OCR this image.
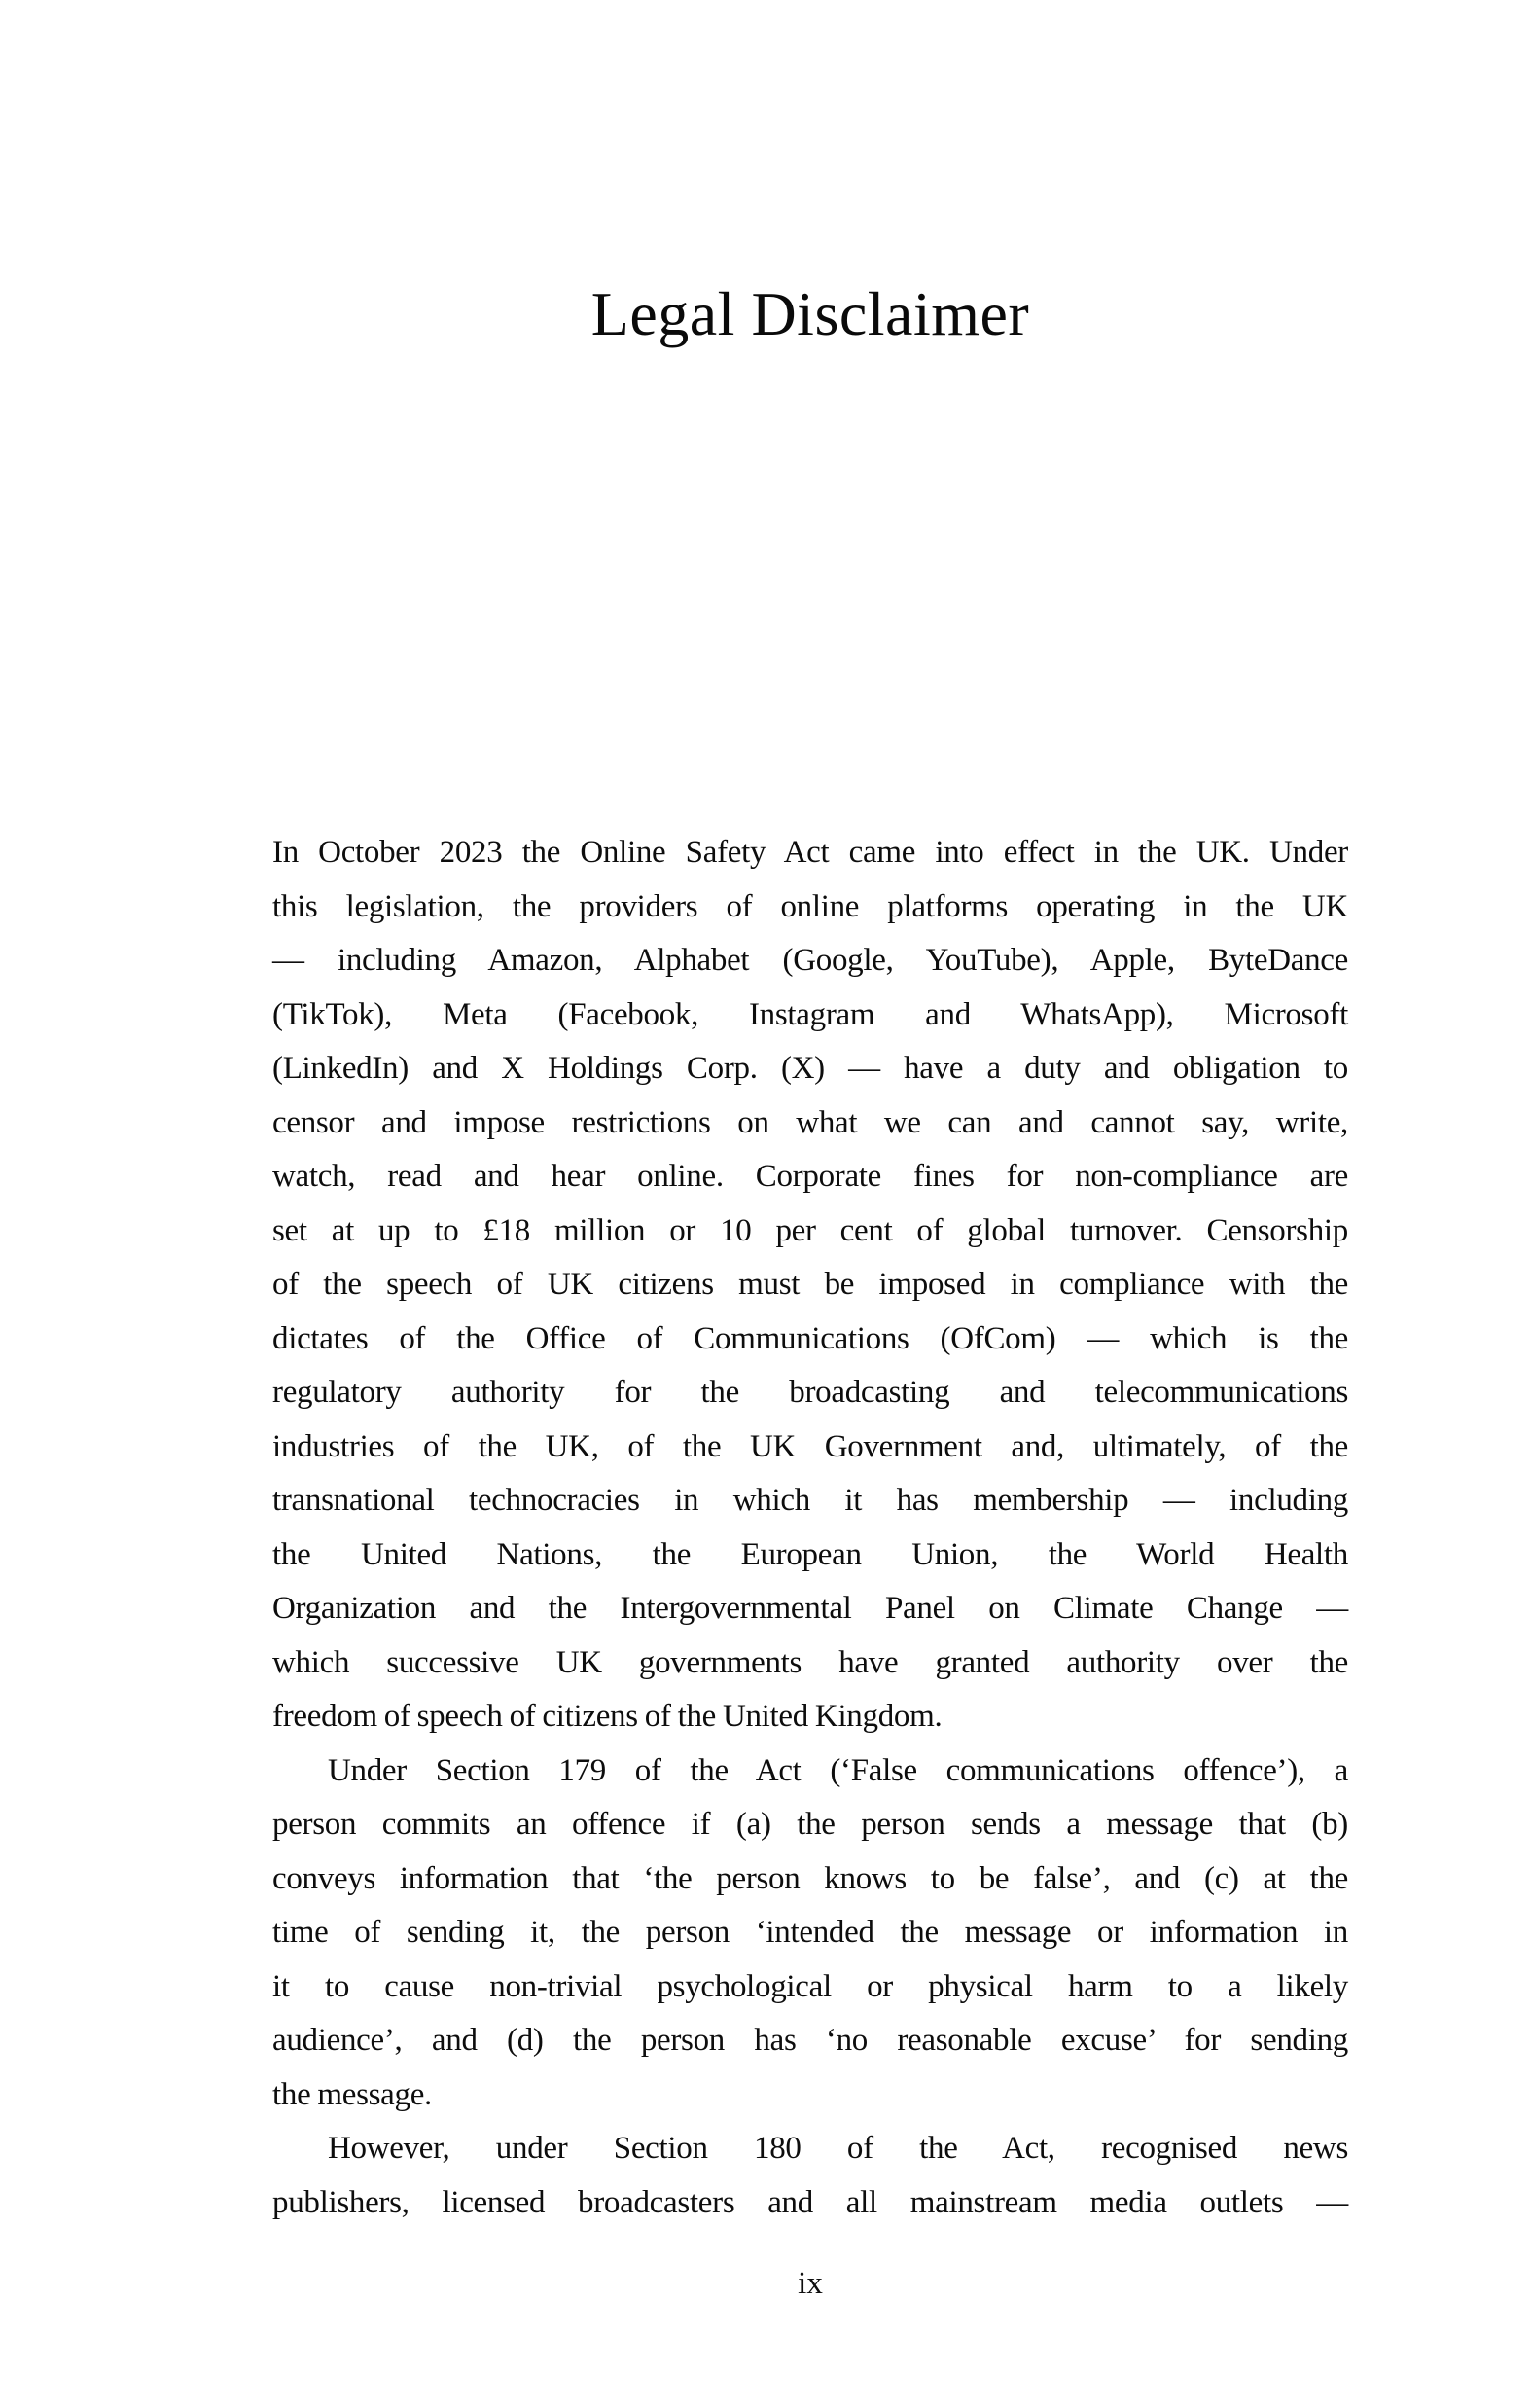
Legal Disclaimer
In October 2023 the Online Safety Act came into effect in the UK. Under
this legislation, the providers of online platforms operating in the UK
— including Amazon, Alphabet (Google, YouTube), Apple, ByteDance
(TikTok), Meta (Facebook, Instagram and WhatsApp), Microsoft
(LinkedIn) and X Holdings Corp. (X) — have a duty and obligation to
censor and impose restrictions on what we can and cannot say, write,
watch, read and hear online. Corporate fines for non-compliance are
set at up to £18 million or 10 per cent of global turnover. Censorship
of the speech of UK citizens must be imposed in compliance with the
dictates of the Office of Communications (OfCom) — which is the
regulatory authority for the broadcasting and telecommunications
industries of the UK, of the UK Government and, ultimately, of the
transnational technocracies in which it has membership — including
the United Nations, the European Union, the World Health
Organization and the Intergovernmental Panel on Climate Change —
which successive UK governments have granted authority over the
freedom of speech of citizens of the United Kingdom.
Under Section 179 of the Act (‘False communications offence’), a
person commits an offence if (a) the person sends a message that (b)
conveys information that ‘the person knows to be false’, and (c) at the
time of sending it, the person ‘intended the message or information in
it to cause non-trivial psychological or physical harm to a likely
audience’, and (d) the person has ‘no reasonable excuse’ for sending
the message.
However, under Section 180 of the Act, recognised news
publishers, licensed broadcasters and all mainstream media outlets —
ix
